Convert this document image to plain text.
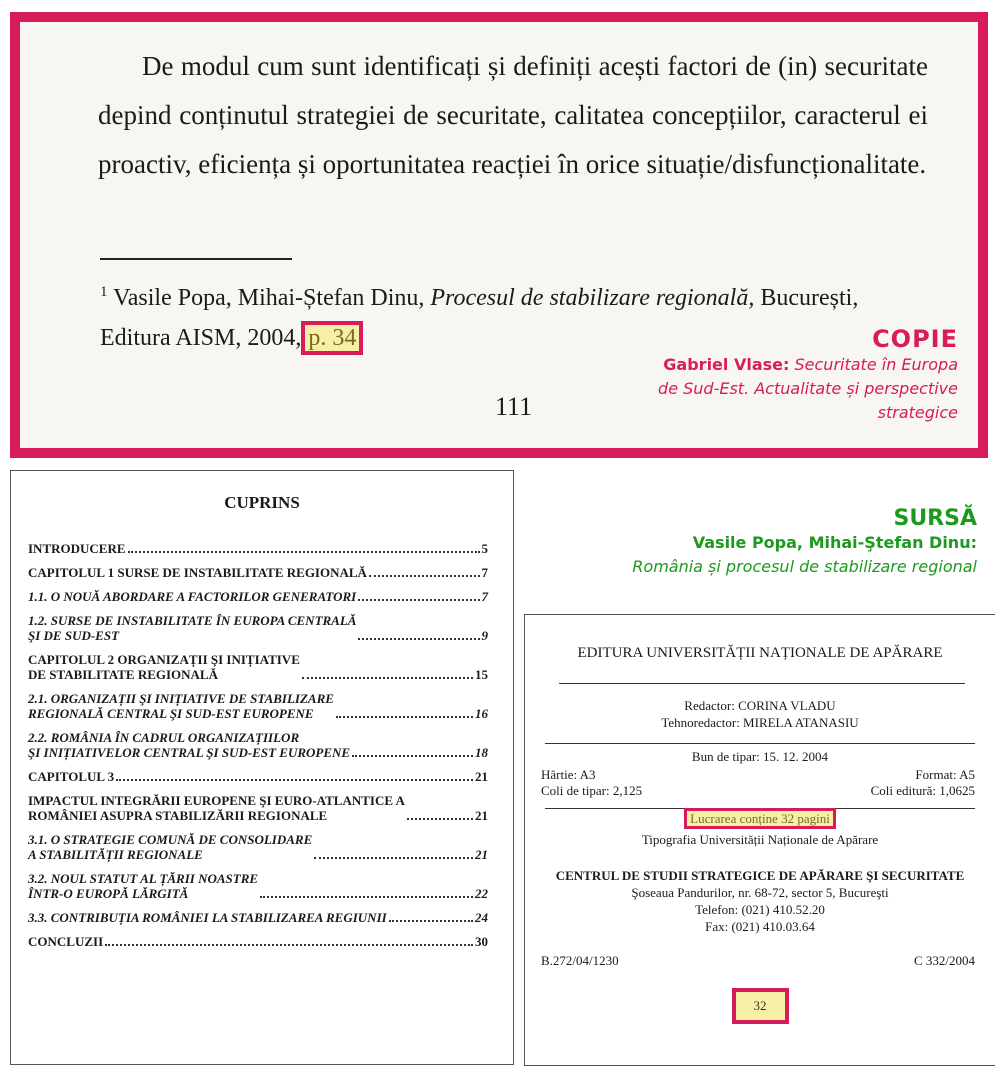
De modul cum sunt identificați și definiți acești factori de (in) securitate depind conținutul strategiei de securitate, calitatea concepțiilor, caracterul ei proactiv, eficiența și oportunitatea reacției în orice situație/disfuncționalitate.

$^1$ Vasile Popa, Mihai-Ștefan Dinu, Procesul de stabilizare regională, București, Editura AISM, 2004, p. 34
111
COPIE
Gabriel Vlase: Securitate în Europa de Sud-Est. Actualitate și perspective strategice
CUPRINS
INTRODUCERE	5
CAPITOLUL 1 SURSE DE INSTABILITATE REGIONALĂ	7
1.1. O NOUĂ ABORDARE A FACTORILOR GENERATORI	7
1.2. SURSE DE INSTABILITATE ÎN EUROPA CENTRALĂ
ŞI DE SUD-EST	9
CAPITOLUL 2 ORGANIZAȚII ŞI INIȚIATIVE
DE STABILITATE REGIONALĂ	15
2.1. ORGANIZAȚII ŞI INIȚIATIVE DE STABILIZARE
REGIONALĂ CENTRAL ŞI SUD-EST EUROPENE	16
2.2. ROMÂNIA ÎN CADRUL ORGANIZAȚIILOR
ŞI INIȚIATIVELOR CENTRAL ŞI SUD-EST EUROPENE	18
CAPITOLUL 3	21
IMPACTUL INTEGRĂRII EUROPENE ŞI EURO-ATLANTICE A
ROMÂNIEI ASUPRA STABILIZĂRII REGIONALE	21
3.1. O STRATEGIE COMUNĂ DE CONSOLIDARE
A STABILITĂȚII REGIONALE	21
3.2. NOUL STATUT AL ȚĂRII NOASTRE
ÎNTR-O EUROPĂ LĂRGITĂ	22
3.3. CONTRIBUȚIA ROMÂNIEI LA STABILIZAREA REGIUNII	24
CONCLUZII	30
SURSĂ
Vasile Popa, Mihai-Ştefan Dinu:
România și procesul de stabilizare regional
EDITURA UNIVERSITĂȚII NAȚIONALE DE APĂRARE
Redactor: CORINA VLADU
Tehnoredactor: MIRELA ATANASIU
Bun de tipar: 15. 12. 2004
Hârtie: A3	Format: A5
Coli de tipar: 2,125	Coli editură: 1,0625
Tipografia Universității Naționale de Apărare
Lucrarea conține 32 pagini
CENTRUL DE STUDII STRATEGICE DE APĂRARE ŞI SECURITATE
Şoseaua Pandurilor, nr. 68-72, sector 5, Bucureşti
Telefon: (021) 410.52.20
Fax: (021) 410.03.64
B.272/04/1230	C 332/2004
32
